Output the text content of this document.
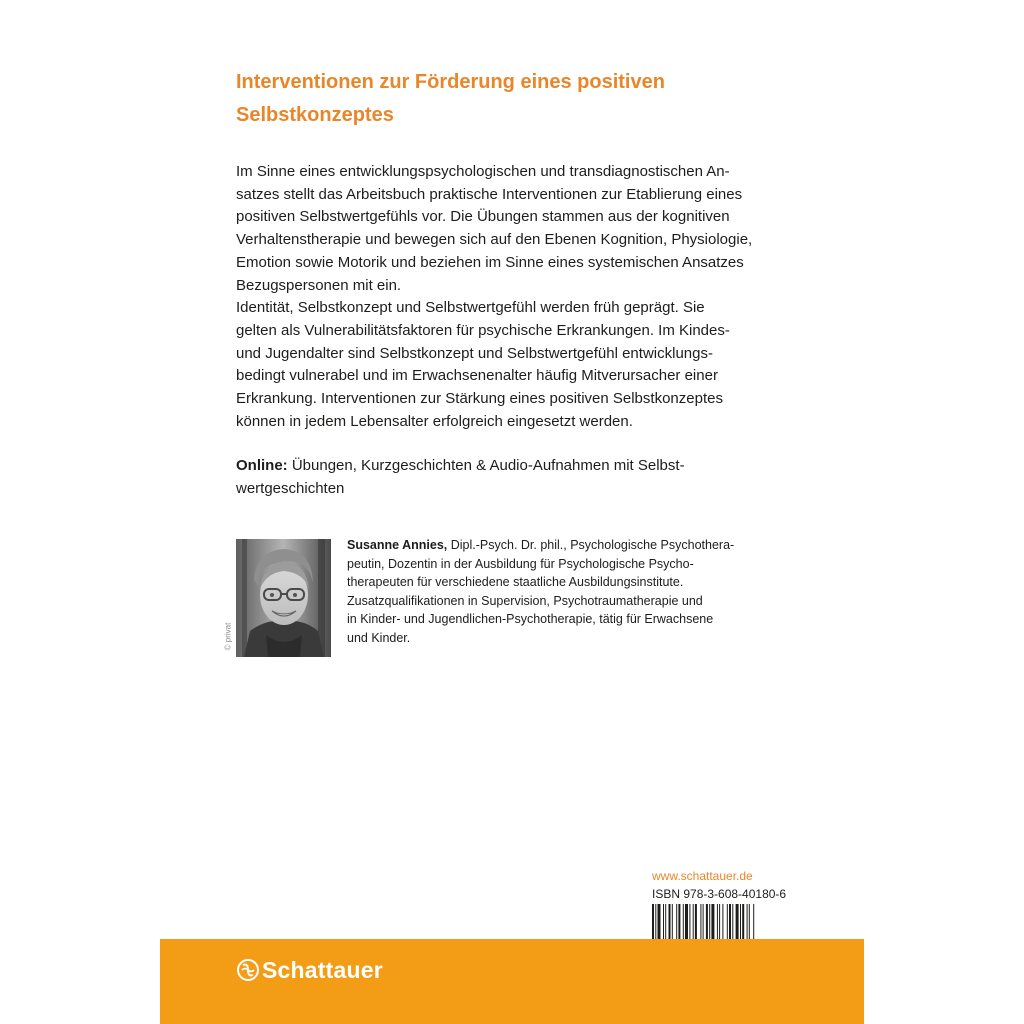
Interventionen zur Förderung eines positiven
Selbstkonzeptes
Im Sinne eines entwicklungspsychologischen und transdiagnostischen An-
satzes stellt das Arbeitsbuch praktische Interventionen zur Etablierung eines
positiven Selbstwertgefühls vor. Die Übungen stammen aus der kognitiven
Verhaltenstherapie und bewegen sich auf den Ebenen Kognition, Physiologie,
Emotion sowie Motorik und beziehen im Sinne eines systemischen Ansatzes
Bezugspersonen mit ein.
Identität, Selbstkonzept und Selbstwertgefühl werden früh geprägt. Sie
gelten als Vulnerabilitätsfaktoren für psychische Erkrankungen. Im Kindes-
und Jugendalter sind Selbstkonzept und Selbstwertgefühl entwicklungs-
bedingt vulnerabel und im Erwachsenenalter häufig Mitverursacher einer
Erkrankung. Interventionen zur Stärkung eines positiven Selbstkonzeptes
können in jedem Lebensalter erfolgreich eingesetzt werden.
Online: Übungen, Kurzgeschichten & Audio-Aufnahmen mit Selbst-
wertgeschichten
© privat
Susanne Annies, Dipl.-Psych. Dr. phil., Psychologische Psychothera-
peutin, Dozentin in der Ausbildung für Psychologische Psycho-
therapeuten für verschiedene staatliche Ausbildungsinstitute.
Zusatzqualifikationen in Supervision, Psychotraumatherapie und
in Kinder- und Jugendlichen-Psychotherapie, tätig für Erwachsene
und Kinder.
www.schattauer.de
ISBN 978-3-608-40180-6
Schattauer
